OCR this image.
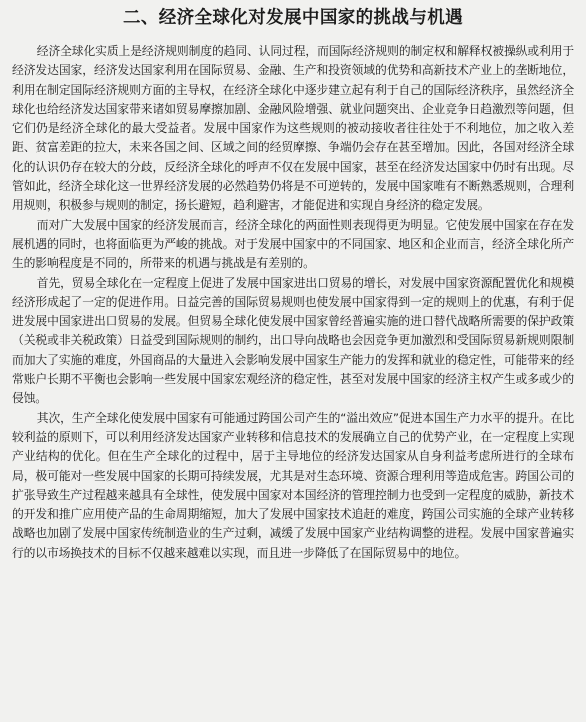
二、经济全球化对发展中国家的挑战与机遇

经济全球化实质上是经济规则制度的趋同、认同过程，而国际经济规则的制定权和解释权被操纵或利用于经济发达国家，经济发达国家利用在国际贸易、金融、生产和投资领域的优势和高新技术产业上的垄断地位，利用在制定国际经济规则方面的主导权，在经济全球化中逐步建立起有利于自己的国际经济秩序，虽然经济全球化也给经济发达国家带来诸如贸易摩擦加剧、金融风险增强、就业问题突出、企业竞争日趋激烈等问题，但它们仍是经济全球化的最大受益者。发展中国家作为这些规则的被动接收者往往处于不利地位，加之收入差距、贫富差距的拉大，未来各国之间、区域之间的经贸摩擦、争端仍会存在甚至增加。因此，各国对经济全球化的认识仍存在较大的分歧，反经济全球化的呼声不仅在发展中国家，甚至在经济发达国家中仍时有出现。尽管如此，经济全球化这一世界经济发展的必然趋势仍将是不可逆转的，发展中国家唯有不断熟悉规则，合理利用规则，积极参与规则的制定，扬长避短，趋利避害，才能促进和实现自身经济的稳定发展。

而对广大发展中国家的经济发展而言，经济全球化的两面性则表现得更为明显。它使发展中国家在存在发展机遇的同时，也将面临更为严峻的挑战。对于发展中国家中的不同国家、地区和企业而言，经济全球化所产生的影响程度是不同的，所带来的机遇与挑战是有差别的。

首先，贸易全球化在一定程度上促进了发展中国家进出口贸易的增长，对发展中国家资源配置优化和规模经济形成起了一定的促进作用。日益完善的国际贸易规则也使发展中国家得到一定的规则上的优惠，有利于促进发展中国家进出口贸易的发展。但贸易全球化使发展中国家曾经普遍实施的进口替代战略所需要的保护政策（关税或非关税政策）日益受到国际规则的制约，出口导向战略也会因竞争更加激烈和受国际贸易新规则限制而加大了实施的难度，外国商品的大量进入会影响发展中国家生产能力的发挥和就业的稳定性，可能带来的经常账户长期不平衡也会影响一些发展中国家宏观经济的稳定性，甚至对发展中国家的经济主权产生或多或少的侵蚀。

其次，生产全球化使发展中国家有可能通过跨国公司产生的“溢出效应”促进本国生产力水平的提升。在比较利益的原则下，可以利用经济发达国家产业转移和信息技术的发展确立自己的优势产业，在一定程度上实现产业结构的优化。但在生产全球化的过程中，居于主导地位的经济发达国家从自身利益考虑所进行的全球布局，极可能对一些发展中国家的长期可持续发展，尤其是对生态环境、资源合理利用等造成危害。跨国公司的扩张导致生产过程越来越具有全球性，使发展中国家对本国经济的管理控制力也受到一定程度的威胁，新技术的开发和推广应用使产品的生命周期缩短，加大了发展中国家技术追赶的难度，跨国公司实施的全球产业转移战略也加剧了发展中国家传统制造业的生产过剩，减缓了发展中国家产业结构调整的进程。发展中国家普遍实行的以市场换技术的目标不仅越来越难以实现，而且进一步降低了在国际贸易中的地位。
